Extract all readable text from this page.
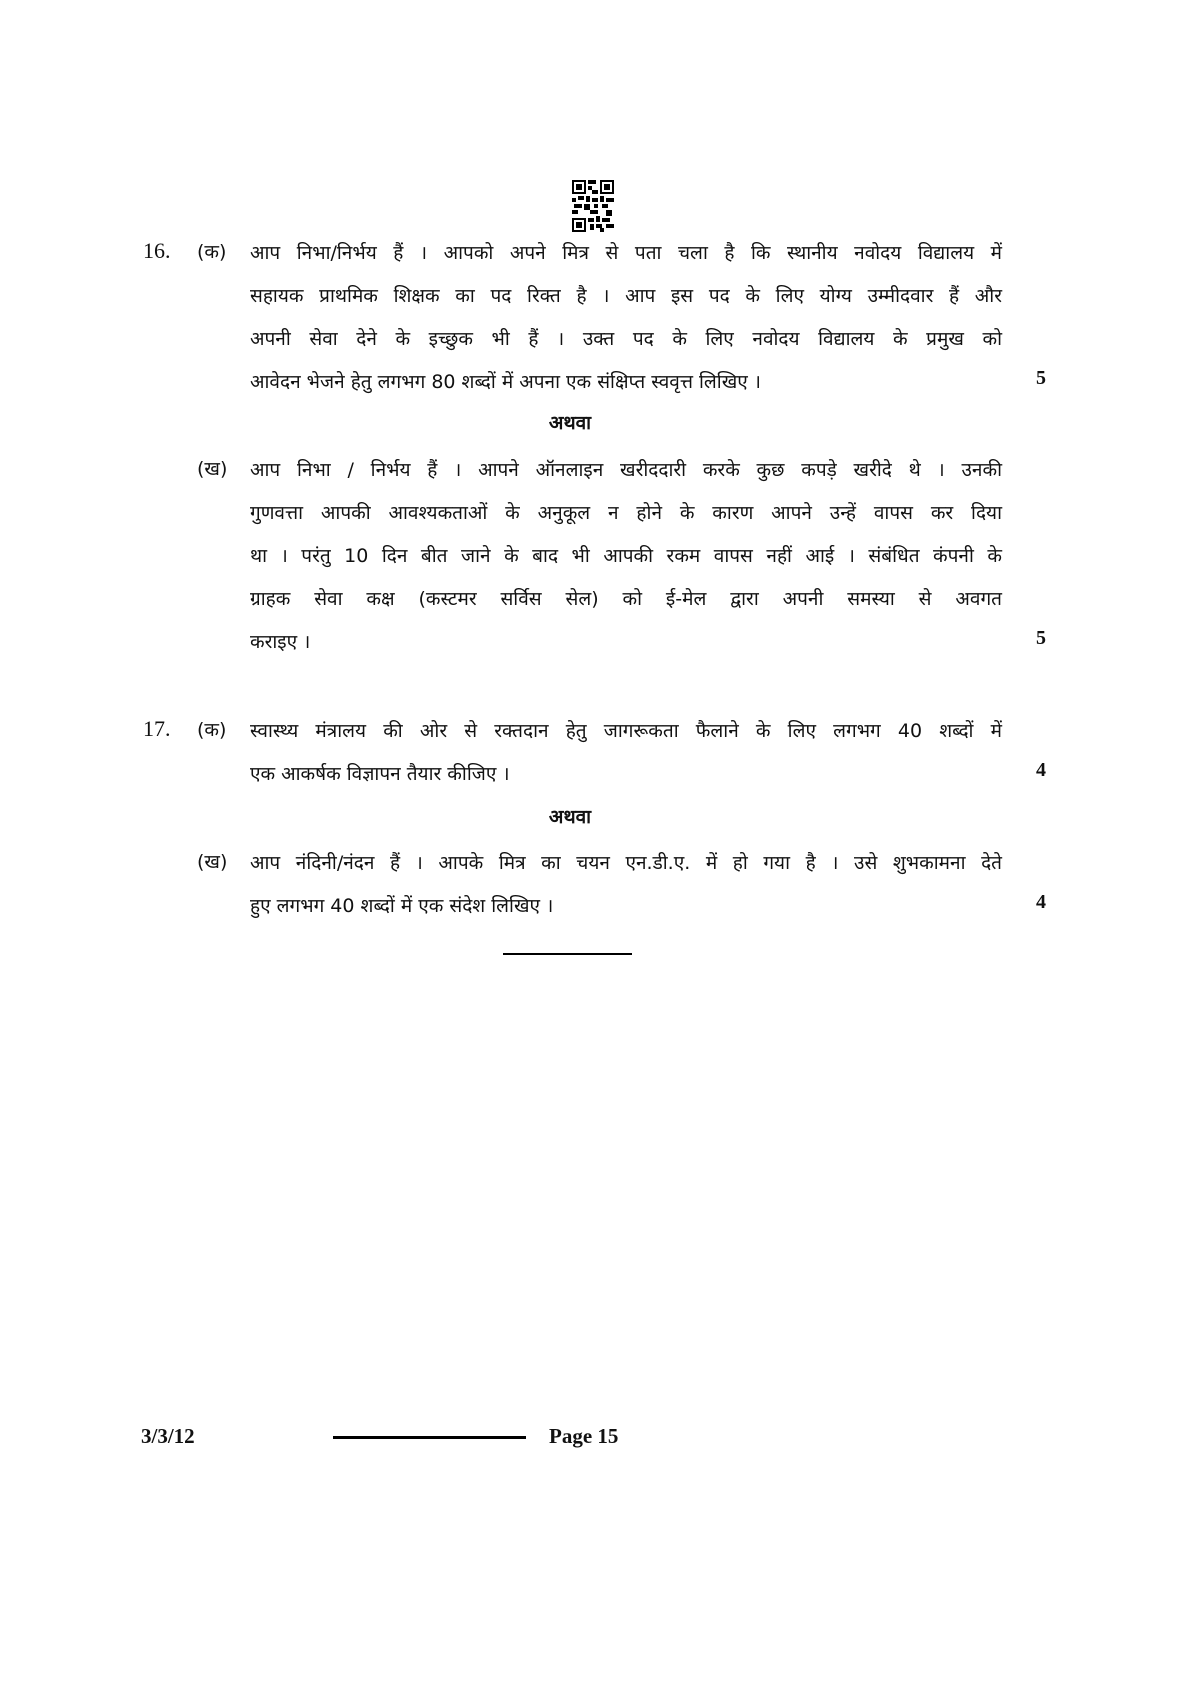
16. (क) आप निभा/निर्भय हैं । आपको अपने मित्र से पता चला है कि स्थानीय नवोदय विद्यालय में
सहायक प्राथमिक शिक्षक का पद रिक्त है । आप इस पद के लिए योग्य उम्मीदवार हैं और
अपनी सेवा देने के इच्छुक भी हैं । उक्त पद के लिए नवोदय विद्यालय के प्रमुख को
आवेदन भेजने हेतु लगभग 80 शब्दों में अपना एक संक्षिप्त स्ववृत्त लिखिए ।	5
अथवा
(ख) आप निभा / निर्भय हैं । आपने ऑनलाइन खरीददारी करके कुछ कपड़े खरीदे थे । उनकी
गुणवत्ता आपकी आवश्यकताओं के अनुकूल न होने के कारण आपने उन्हें वापस कर दिया
था । परंतु 10 दिन बीत जाने के बाद भी आपकी रकम वापस नहीं आई । संबंधित कंपनी के
ग्राहक सेवा कक्ष (कस्टमर सर्विस सेल) को ई-मेल द्वारा अपनी समस्या से अवगत
कराइए ।	5
17. (क) स्वास्थ्य मंत्रालय की ओर से रक्तदान हेतु जागरूकता फैलाने के लिए लगभग 40 शब्दों में
एक आकर्षक विज्ञापन तैयार कीजिए ।	4
अथवा
(ख) आप नंदिनी/नंदन हैं । आपके मित्र का चयन एन.डी.ए. में हो गया है । उसे शुभकामना देते
हुए लगभग 40 शब्दों में एक संदेश लिखिए ।	4
3/3/12	Page 15
